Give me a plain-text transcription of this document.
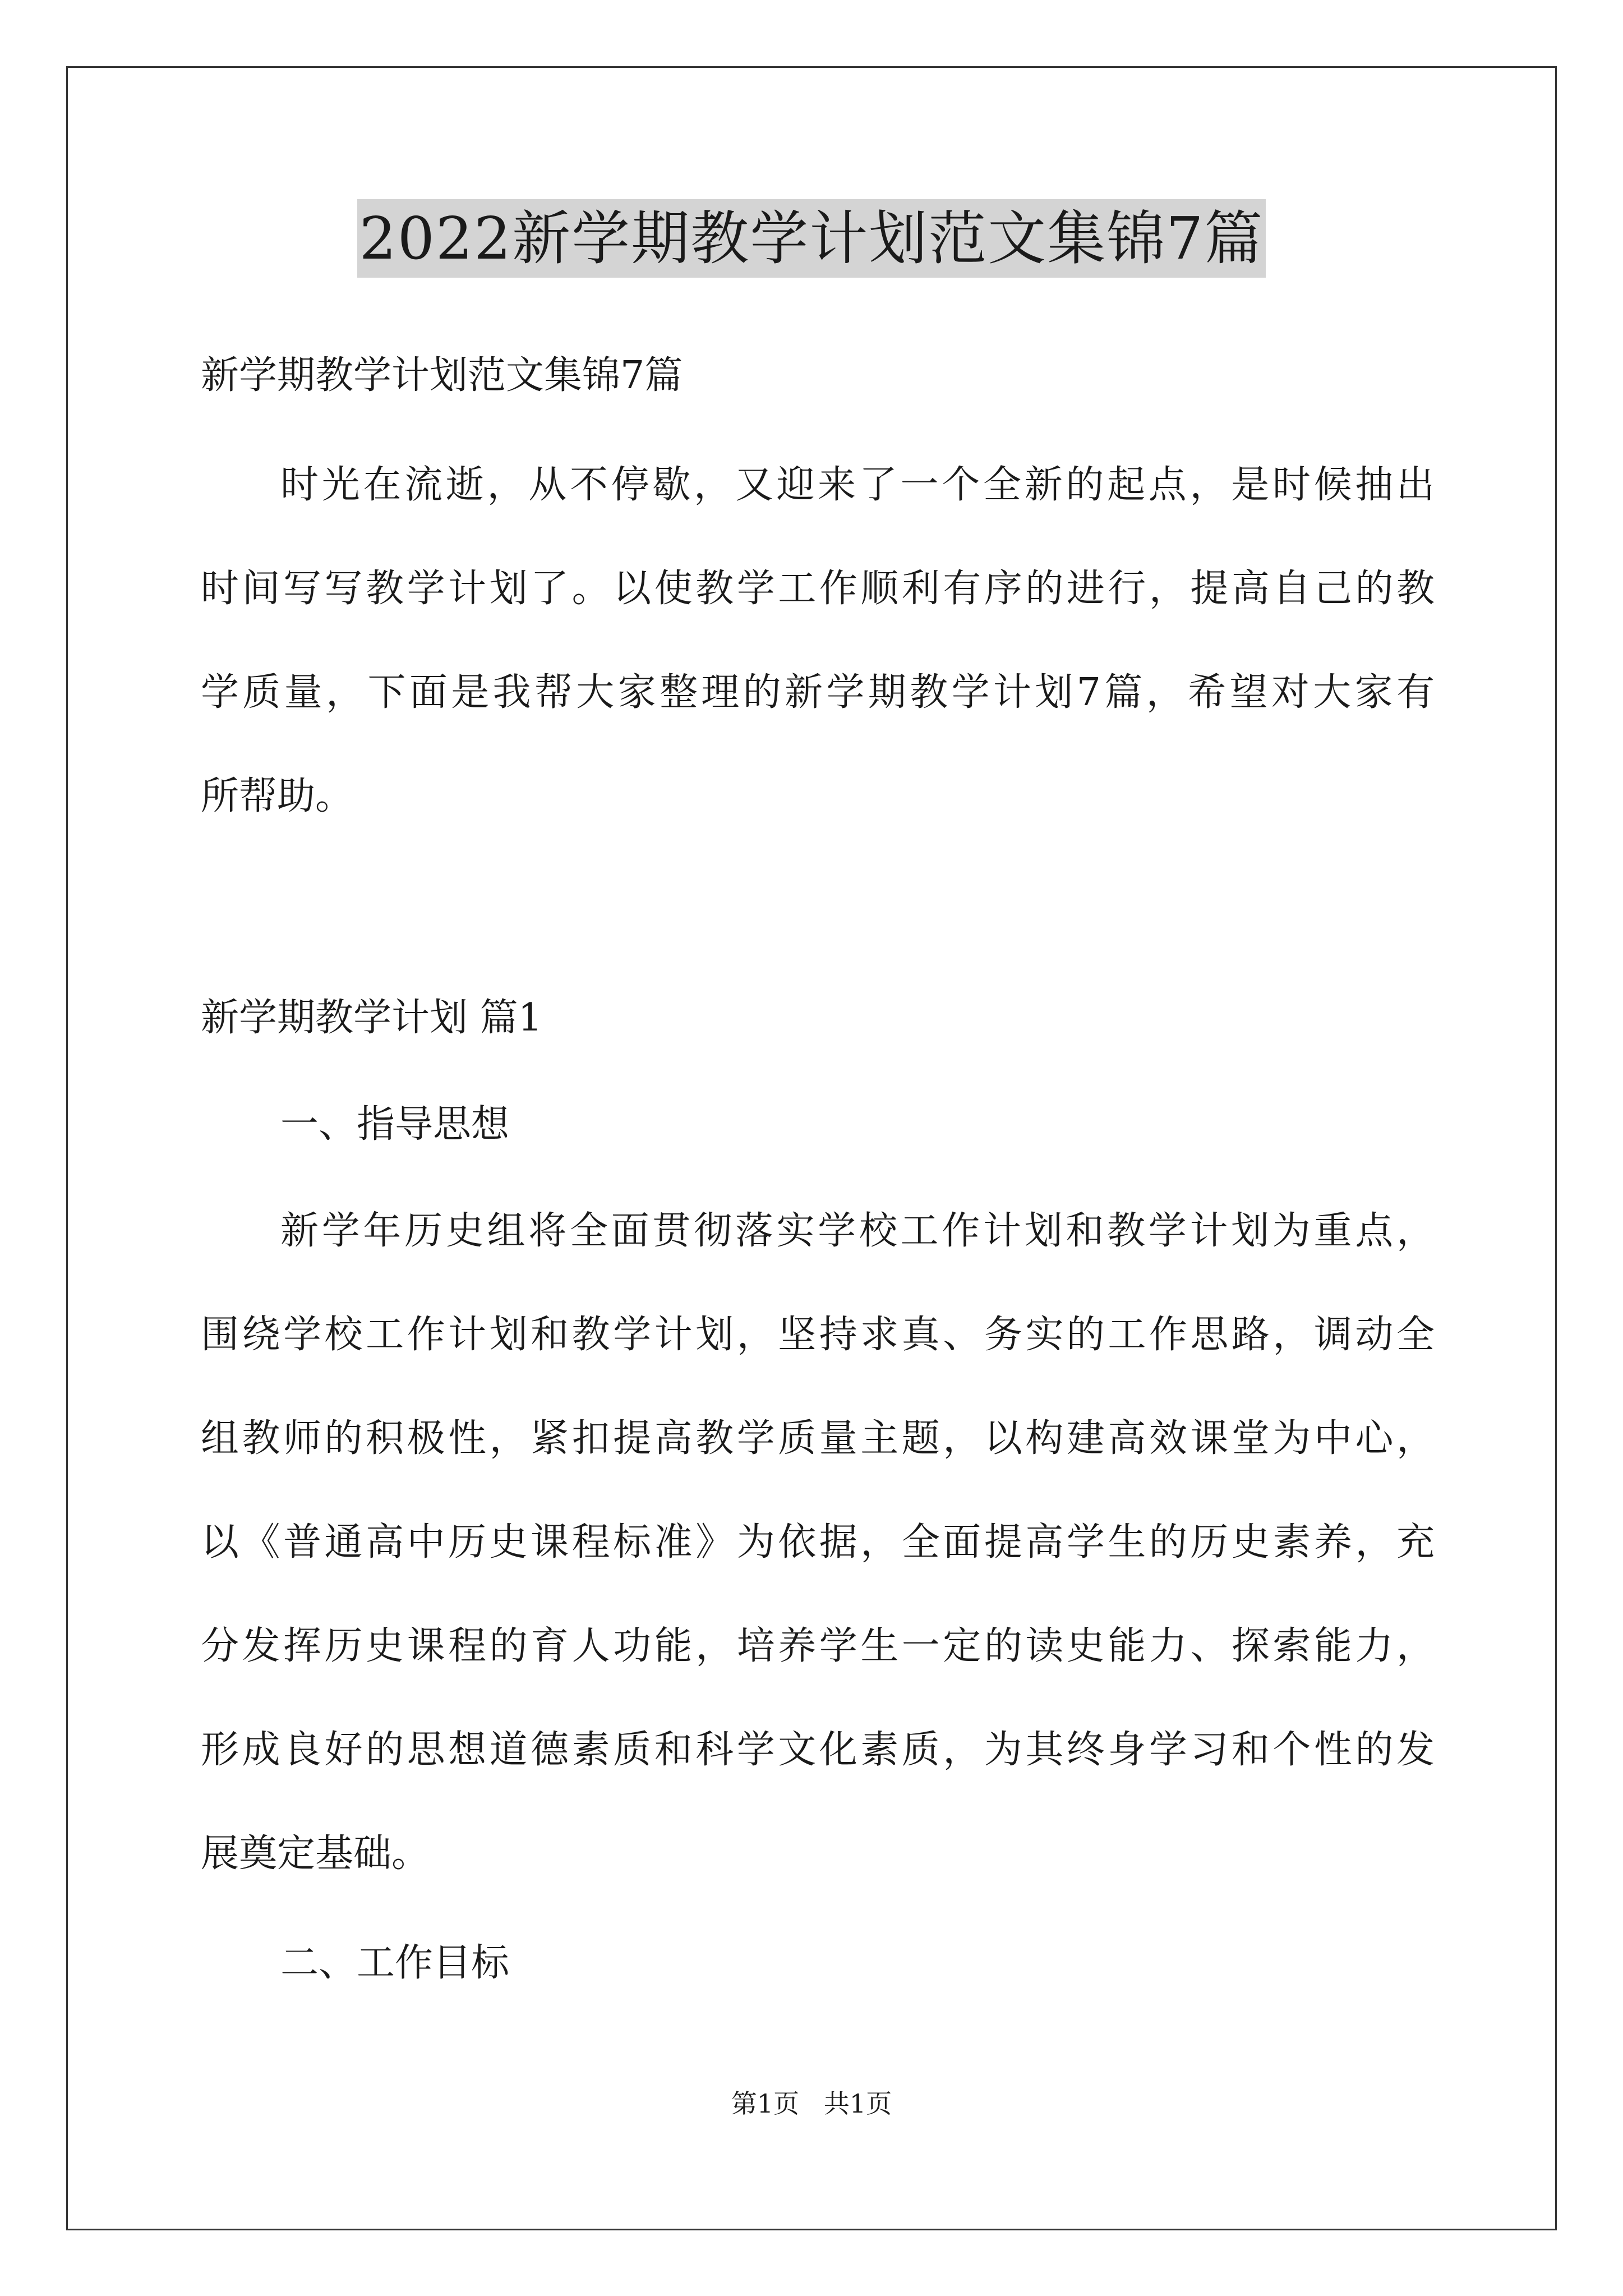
2022新学期教学计划范文集锦7篇

新学期教学计划范文集锦7篇

时光在流逝，从不停歇，又迎来了一个全新的起点，是时候抽出

时间写写教学计划了。以使教学工作顺利有序的进行，提高自己的教

学质量，下面是我帮大家整理的新学期教学计划7篇，希望对大家有

所帮助。

新学期教学计划 篇1

一、指导思想

新学年历史组将全面贯彻落实学校工作计划和教学计划为重点，

围绕学校工作计划和教学计划，坚持求真、务实的工作思路，调动全

组教师的积极性，紧扣提高教学质量主题，以构建高效课堂为中心，

以《普通高中历史课程标准》为依据，全面提高学生的历史素养，充

分发挥历史课程的育人功能，培养学生一定的读史能力、探索能力，

形成良好的思想道德素质和科学文化素质，为其终身学习和个性的发

展奠定基础。

二、工作目标

第1页   共1页
